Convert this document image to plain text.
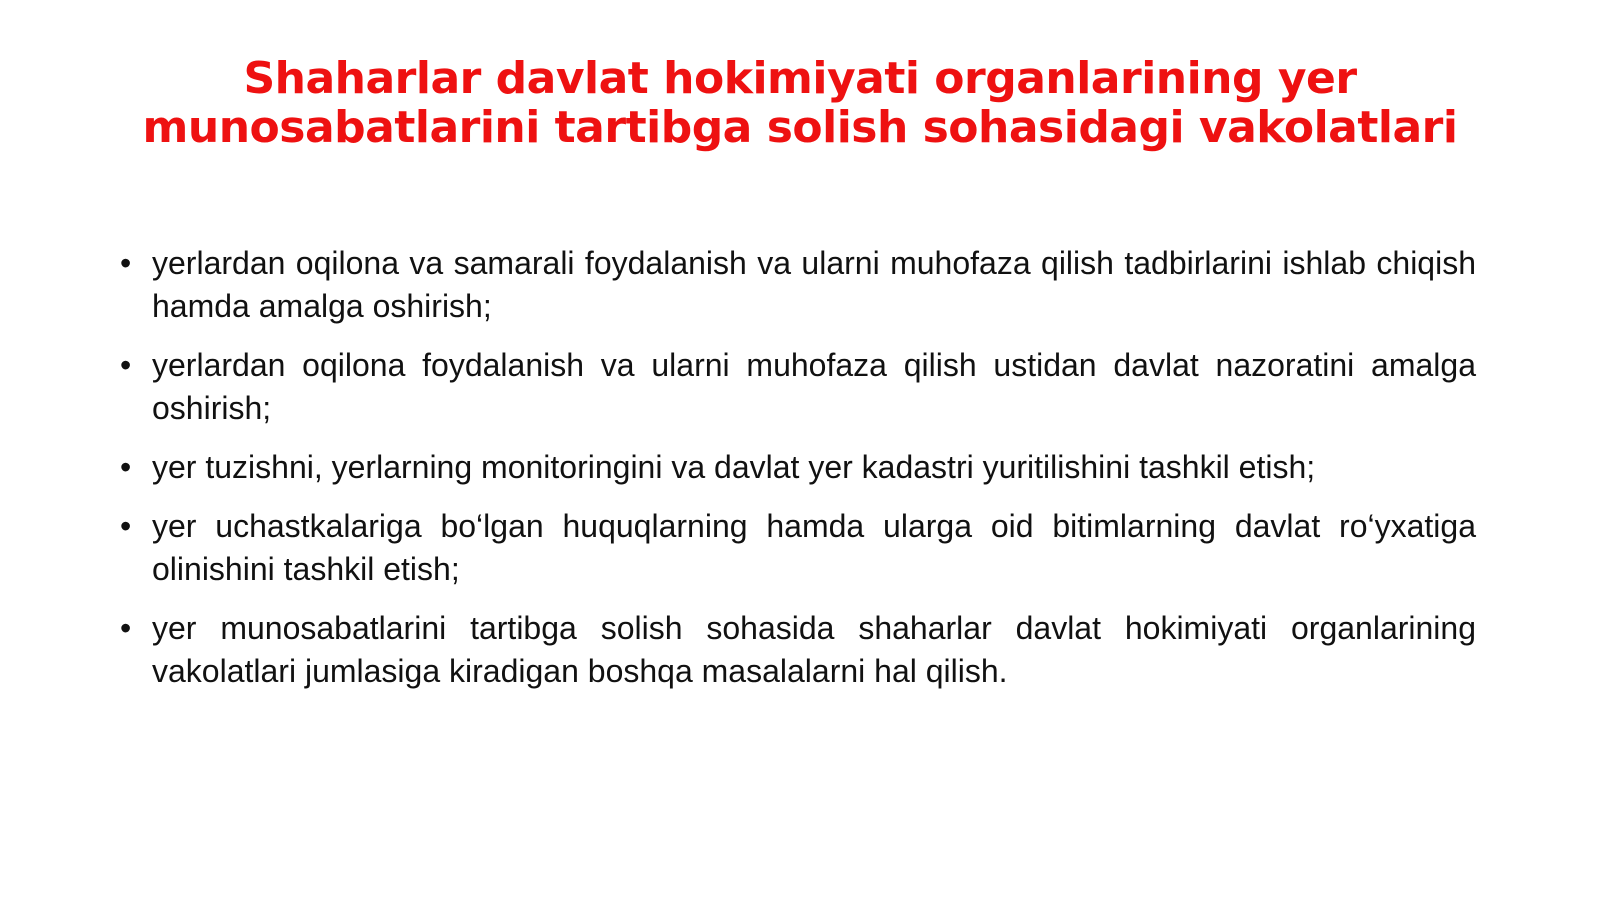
Shaharlar davlat hokimiyati organlarining yer munosabatlarini tartibga solish sohasidagi vakolatlari
• yerlardan oqilona va samarali foydalanish va ularni muhofaza qilish tadbirlarini ishlab chiqish hamda amalga oshirish;
• yerlardan oqilona foydalanish va ularni muhofaza qilish ustidan davlat nazoratini amalga oshirish;
• yer tuzishni, yerlarning monitoringini va davlat yer kadastri yuritilishini tashkil etish;
• yer uchastkalariga bo‘lgan huquqlarning hamda ularga oid bitimlarning davlat ro‘yxatiga olinishini tashkil etish;
• yer munosabatlarini tartibga solish sohasida shaharlar davlat hokimiyati organlarining vakolatlari jumlasiga kiradigan boshqa masalalarni hal qilish.
